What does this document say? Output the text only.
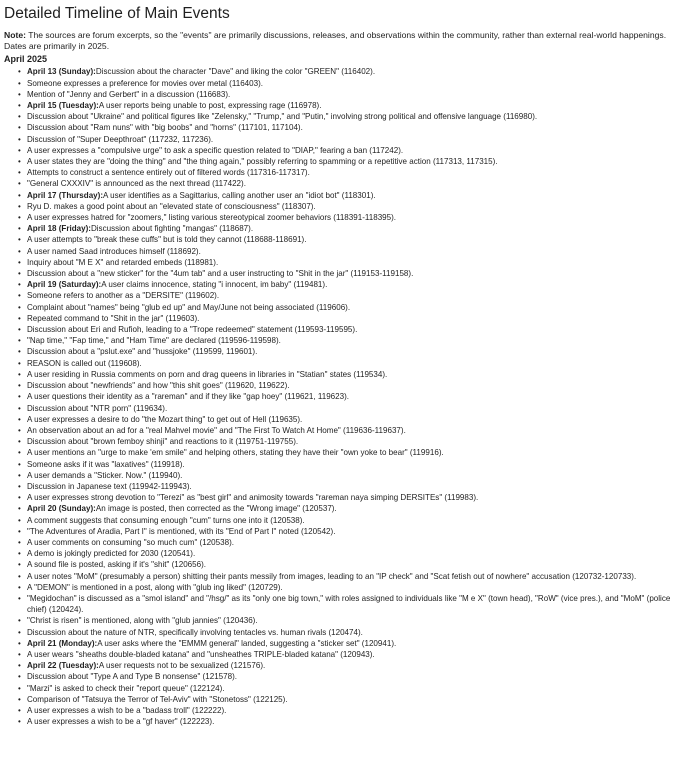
Detailed Timeline of Main Events

Note: The sources are forum excerpts, so the "events" are primarily discussions, releases, and observations within the community, rather than external real-world happenings. Dates are primarily in 2025.

April 2025
• April 13 (Sunday):Discussion about the character "Dave" and liking the color "GREEN" (116402).
• Someone expresses a preference for movies over metal (116403).
• Mention of "Jenny and Gerbert" in a discussion (116683).
• April 15 (Tuesday):A user reports being unable to post, expressing rage (116978).
• Discussion about "Ukraine" and political figures like "Zelensky," "Trump," and "Putin," involving strong political and offensive language (116980).
• Discussion about "Ram nuns" with "big boobs" and "horns" (117101, 117104).
• Discussion of "Super Deepthroat" (117232, 117236).
• A user expresses a "compulsive urge" to ask a specific question related to "DIAP," fearing a ban (117242).
• A user states they are "doing the thing" and "the thing again," possibly referring to spamming or a repetitive action (117313, 117315).
• Attempts to construct a sentence entirely out of filtered words (117316-117317).
• "General CXXXIV" is announced as the next thread (117422).
• April 17 (Thursday):A user identifies as a Sagittarius, calling another user an "idiot bot" (118301).
• Ryu D. makes a good point about an "elevated state of consciousness" (118307).
• A user expresses hatred for "zoomers," listing various stereotypical zoomer behaviors (118391-118395).
• April 18 (Friday):Discussion about fighting "mangas" (118687).
• A user attempts to "break these cuffs" but is told they cannot (118688-118691).
• A user named Saad introduces himself (118692).
• Inquiry about "M E X" and retarded embeds (118981).
• Discussion about a "new sticker" for the "4um tab" and a user instructing to "Shit in the jar" (119153-119158).
• April 19 (Saturday):A user claims innocence, stating "i innocent, im baby" (119481).
• Someone refers to another as a "DERSITE" (119602).
• Complaint about "names" being "glub ed up" and May/June not being associated (119606).
• Repeated command to "Shit in the jar" (119603).
• Discussion about Eri and Rufioh, leading to a "Trope redeemed" statement (119593-119595).
• "Nap time," "Fap time," and "Ham Time" are declared (119596-119598).
• Discussion about a "pslut.exe" and "hussjoke" (119599, 119601).
• REASON is called out (119608).
• A user residing in Russia comments on porn and drag queens in libraries in "Statian" states (119534).
• Discussion about "newfriends" and how "this shit goes" (119620, 119622).
• A user questions their identity as a "rareman" and if they like "gap hoey" (119621, 119623).
• Discussion about "NTR porn" (119634).
• A user expresses a desire to do "the Mozart thing" to get out of Hell (119635).
• An observation about an ad for a "real Mahvel movie" and "The First To Watch At Home" (119636-119637).
• Discussion about "brown femboy shinji" and reactions to it (119751-119755).
• A user mentions an "urge to make 'em smile" and helping others, stating they have their "own yoke to bear" (119916).
• Someone asks if it was "laxatives" (119918).
• A user demands a "Sticker. Now." (119940).
• Discussion in Japanese text (119942-119943).
• A user expresses strong devotion to "Terezi" as "best girl" and animosity towards "rareman naya simping DERSITEs" (119983).
• April 20 (Sunday):An image is posted, then corrected as the "Wrong image" (120537).
• A comment suggests that consuming enough "cum" turns one into it (120538).
• "The Adventures of Aradia, Part I" is mentioned, with its "End of Part I" noted (120542).
• A user comments on consuming "so much cum" (120538).
• A demo is jokingly predicted for 2030 (120541).
• A sound file is posted, asking if it's "shit" (120656).
• A user notes "MoM" (presumably a person) shitting their pants messily from images, leading to an "IP check" and "Scat fetish out of nowhere" accusation (120732-120733).
• A "DEMON" is mentioned in a post, along with "glub ing liked" (120729).
• "Megidochan" is discussed as a "smol island" and "/hsg/" as its "only one big town," with roles assigned to individuals like "M e X" (town head), "RoW" (vice pres.), and "MoM" (police chief) (120424).
• "Christ is risen" is mentioned, along with "glub jannies" (120436).
• Discussion about the nature of NTR, specifically involving tentacles vs. human rivals (120474).
• April 21 (Monday):A user asks where the "EMMM general" landed, suggesting a "sticker set" (120941).
• A user wears "sheaths double-bladed katana" and "unsheathes TRIPLE-bladed katana" (120943).
• April 22 (Tuesday):A user requests not to be sexualized (121576).
• Discussion about "Type A and Type B nonsense" (121578).
• "Marzi" is asked to check their "report queue" (122124).
• Comparison of "Tatsuya the Terror of Tel-Aviv" with "Stonetoss" (122125).
• A user expresses a wish to be a "badass troll" (122222).
• A user expresses a wish to be a "gf haver" (122223).
